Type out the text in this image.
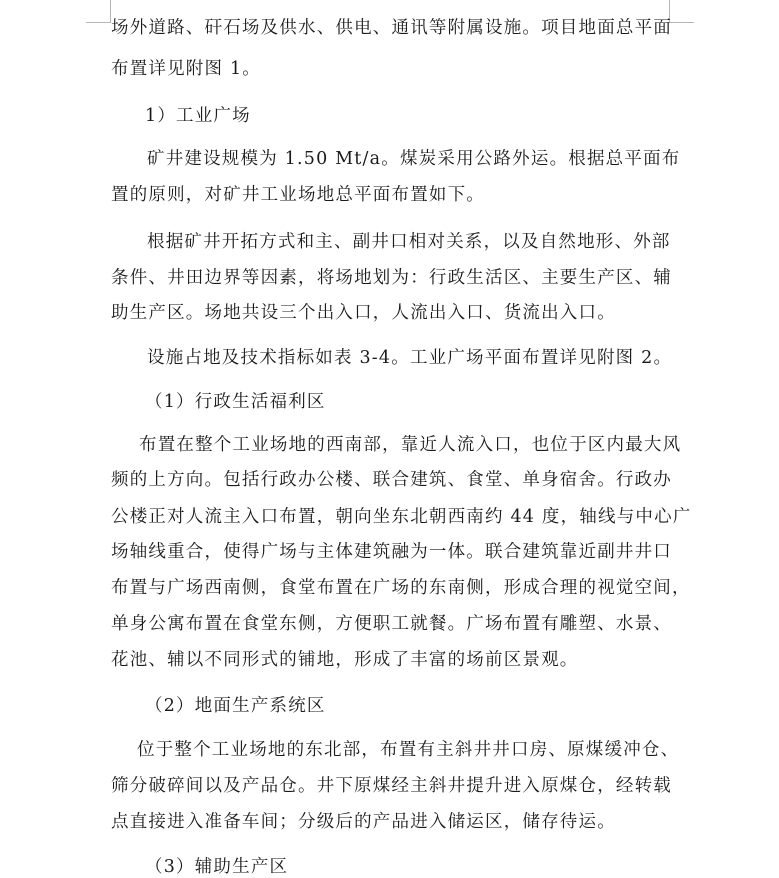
场外道路、矸石场及供水、供电、通讯等附属设施。项目地面总平面
布置详见附图 1。
1）工业广场
矿井建设规模为 1.50 Mt/a。煤炭采用公路外运。根据总平面布
置的原则，对矿井工业场地总平面布置如下。
根据矿井开拓方式和主、副井口相对关系，以及自然地形、外部
条件、井田边界等因素，将场地划为：行政生活区、主要生产区、辅
助生产区。场地共设三个出入口，人流出入口、货流出入口。
设施占地及技术指标如表 3-4。工业广场平面布置详见附图 2。
（1）行政生活福利区
布置在整个工业场地的西南部，靠近人流入口，也位于区内最大风
频的上方向。包括行政办公楼、联合建筑、食堂、单身宿舍。行政办
公楼正对人流主入口布置，朝向坐东北朝西南约 44 度，轴线与中心广
场轴线重合，使得广场与主体建筑融为一体。联合建筑靠近副井井口
布置与广场西南侧，食堂布置在广场的东南侧，形成合理的视觉空间，
单身公寓布置在食堂东侧，方便职工就餐。广场布置有雕塑、水景、
花池、辅以不同形式的铺地，形成了丰富的场前区景观。
（2）地面生产系统区
位于整个工业场地的东北部，布置有主斜井井口房、原煤缓冲仓、
筛分破碎间以及产品仓。井下原煤经主斜井提升进入原煤仓，经转载
点直接进入准备车间；分级后的产品进入储运区，储存待运。
（3）辅助生产区
